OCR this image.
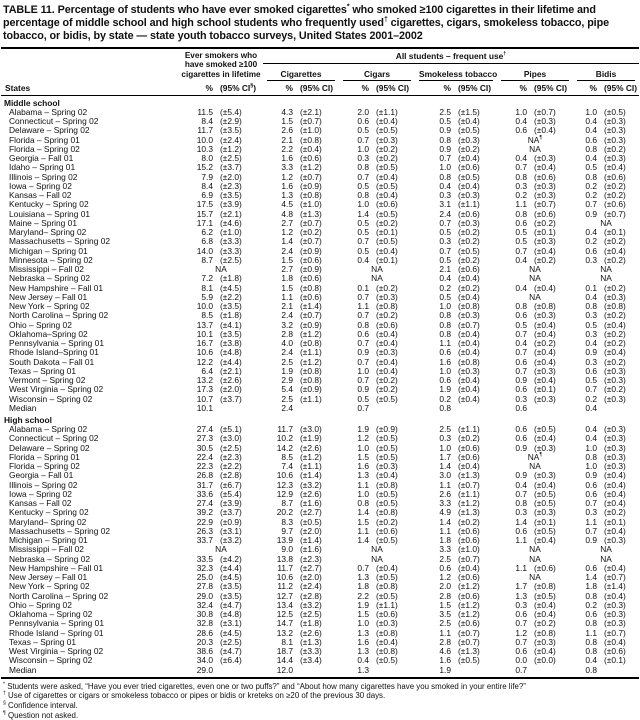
TABLE 11. Percentage of students who have ever smoked cigarettes* who smoked ≥100 cigarettes in their lifetime and percentage of middle school and high school students who frequently used† cigarettes, cigars, smokeless tobacco, pipe tobacco, or bidis, by state — state youth tobacco surveys, United States 2001–2002

	Ever smokers who
have smoked ≥100
cigarettes in lifetime		All students – frequent use†

			Cigarettes		Cigars		Smokeless tobacco		Pipes		Bidis	

States	%	(95% CI§)	%	(95% CI)	%	(95% CI)	%	(95% CI)	%	(95% CI)	%	(95% CI)
Middle school												
Alabama – Spring 02	11.5	(±5.4)	4.3	(±2.1)	2.0	(±1.1)	2.5	(±1.5)	1.0	(±0.7)	1.0	(±0.5)
Connecticut – Spring 02	8.4	(±2.9)	1.5	(±0.7)	0.6	(±0.4)	0.5	(±0.4)	0.4	(±0.3)	0.4	(±0.3)
Delaware – Spring 02	11.7	(±3.5)	2.6	(±1.0)	0.5	(±0.5)	0.9	(±0.5)	0.6	(±0.4)	0.4	(±0.3)
Florida – Spring 01	10.0	(±2.4)	2.1	(±0.8)	0.7	(±0.3)	0.8	(±0.3)	NA¶		0.6	(±0.3)
Florida – Spring 02	10.3	(±1.2)	2.2	(±0.4)	1.0	(±0.2)	0.9	(±0.2)	NA		0.8	(±0.2)
Georgia – Fall 01	8.0	(±2.5)	1.6	(±0.6)	0.3	(±0.2)	0.7	(±0.4)	0.4	(±0.3)	0.4	(±0.3)
Idaho – Spring 01	15.2	(±3.7)	3.3	(±1.2)	0.8	(±0.5)	1.0	(±0.6)	0.7	(±0.4)	0.5	(±0.4)
Illinois – Spring 02	7.9	(±2.0)	1.2	(±0.7)	0.7	(±0.4)	0.8	(±0.5)	0.8	(±0.6)	0.8	(±0.6)
Iowa – Spring 02	8.4	(±2.3)	1.6	(±0.9)	0.5	(±0.5)	0.4	(±0.4)	0.3	(±0.3)	0.2	(±0.2)
Kansas – Fall 02	6.9	(±3.5)	1.3	(±0.8)	0.8	(±0.4)	0.3	(±0.3)	0.2	(±0.3)	0.2	(±0.2)
Kentucky – Spring 02	17.5	(±3.9)	4.5	(±1.0)	1.0	(±0.6)	3.1	(±1.1)	1.1	(±0.7)	0.7	(±0.6)
Louisiana – Spring 01	15.7	(±2.1)	4.8	(±1.3)	1.4	(±0.5)	2.4	(±0.6)	0.8	(±0.6)	0.9	(±0.7)
Maine – Spring 01	17.1	(±4.6)	2.7	(±0.7)	0.5	(±0.2)	0.7	(±0.3)	0.6	(±0.2)	NA	
Maryland– Spring 02	6.2	(±1.0)	1.2	(±0.2)	0.5	(±0.1)	0.5	(±0.2)	0.5	(±0.1)	0.4	(±0.1)
Massachusetts – Spring 02	6.8	(±3.3)	1.4	(±0.7)	0.7	(±0.5)	0.3	(±0.2)	0.5	(±0.3)	0.2	(±0.2)
Michigan – Spring 01	14.0	(±3.3)	2.4	(±0.9)	0.5	(±0.4)	0.7	(±0.5)	0.7	(±0.4)	0.6	(±0.4)
Minnesota – Spring 02	8.7	(±2.5)	1.5	(±0.6)	0.4	(±0.1)	0.5	(±0.2)	0.4	(±0.2)	0.3	(±0.2)
Mississippi – Fall 02	NA		2.7	(±0.9)	NA		2.1	(±0.6)	NA		NA	
Nebraska – Spring 02	7.2	(±1.8)	1.8	(±0.6)	NA		0.4	(±0.4)	NA		NA	
New Hampshire – Fall 01	8.1	(±4.5)	1.5	(±0.8)	0.1	(±0.2)	0.2	(±0.2)	0.4	(±0.4)	0.1	(±0.2)
New Jersey – Fall 01	5.9	(±2.2)	1.1	(±0.6)	0.7	(±0.3)	0.5	(±0.4)	NA		0.4	(±0.3)
New York – Spring 02	10.0	(±3.5)	2.1	(±1.4)	1.1	(±0.8)	1.0	(±0.8)	0.8	(±0.8)	0.8	(±0.8)
North Carolina – Spring 02	8.5	(±1.8)	2.4	(±0.7)	0.7	(±0.2)	0.8	(±0.3)	0.6	(±0.3)	0.3	(±0.2)
Ohio – Spring 02	13.7	(±4.1)	3.2	(±0.9)	0.8	(±0.6)	0.8	(±0.7)	0.5	(±0.4)	0.5	(±0.4)
Oklahoma–Spring 02	10.1	(±3.5)	2.8	(±1.2)	0.6	(±0.4)	0.8	(±0.4)	0.7	(±0.4)	0.3	(±0.2)
Pennsylvania – Spring 01	16.7	(±3.8)	4.0	(±0.8)	0.7	(±0.4)	1.1	(±0.4)	0.4	(±0.2)	0.4	(±0.2)
Rhode Island–Spring 01	10.6	(±4.8)	2.4	(±1.1)	0.9	(±0.3)	0.6	(±0.4)	0.7	(±0.4)	0.9	(±0.4)
South Dakota – Fall 01	12.2	(±4.4)	2.5	(±1.2)	0.7	(±0.4)	1.6	(±0.8)	0.6	(±0.4)	0.3	(±0.2)
Texas – Spring 01	6.4	(±2.1)	1.9	(±0.8)	1.0	(±0.4)	1.0	(±0.3)	0.7	(±0.3)	0.6	(±0.3)
Vermont – Spring 02	13.2	(±2.6)	2.9	(±0.8)	0.7	(±0.2)	0.6	(±0.4)	0.9	(±0.4)	0.5	(±0.3)
West Virginia – Spring 02	17.3	(±2.0)	5.4	(±0.9)	0.9	(±0.2)	1.9	(±0.4)	0.6	(±0.1)	0.7	(±0.2)
Wisconsin – Spring 02	10.7	(±3.7)	2.5	(±1.1)	0.5	(±0.5)	0.2	(±0.4)	0.3	(±0.3)	0.2	(±0.3)
Median	10.1		2.4		0.7		0.8		0.6		0.4	
High school												
Alabama – Spring 02	27.4	(±5.1)	11.7	(±3.0)	1.9	(±0.9)	2.5	(±1.1)	0.6	(±0.5)	0.4	(±0.3)
Connecticut – Spring 02	27.3	(±3.0)	10.2	(±1.9)	1.2	(±0.5)	0.3	(±0.2)	0.6	(±0.4)	0.4	(±0.3)
Delaware – Spring 02	30.5	(±2.5)	14.2	(±2.6)	1.0	(±0.5)	1.0	(±0.6)	0.9	(±0.3)	1.0	(±0.3)
Florida – Spring 01	22.4	(±2.3)	8.5	(±1.2)	1.5	(±0.5)	1.7	(±0.6)	NA¶		0.8	(±0.3)
Florida – Spring 02	22.3	(±2.2)	7.4	(±1.1)	1.6	(±0.3)	1.4	(±0.4)	NA		1.0	(±0.3)
Georgia – Fall 01	26.8	(±2.8)	10.6	(±1.4)	1.3	(±0.4)	3.0	(±1.3)	0.9	(±0.3)	0.9	(±0.4)
Illinois – Spring 02	31.7	(±6.7)	12.3	(±3.2)	1.1	(±0.8)	1.1	(±0.7)	0.4	(±0.4)	0.6	(±0.4)
Iowa – Spring 02	33.6	(±5.4)	12.9	(±2.6)	1.0	(±0.5)	2.6	(±1.1)	0.7	(±0.5)	0.6	(±0.4)
Kansas – Fall 02	27.4	(±3.9)	8.7	(±1.6)	0.8	(±0.5)	3.3	(±1.2)	0.8	(±0.5)	0.7	(±0.4)
Kentucky – Spring 02	39.2	(±3.7)	20.2	(±2.7)	1.4	(±0.8)	4.9	(±1.3)	0.3	(±0.3)	0.3	(±0.2)
Maryland– Spring 02	22.9	(±0.9)	8.3	(±0.5)	1.5	(±0.2)	1.4	(±0.2)	1.4	(±0.1)	1.1	(±0.1)
Massachusetts – Spring 02	26.3	(±3.1)	9.7	(±2.0)	1.1	(±0.6)	1.1	(±0.6)	0.6	(±0.5)	0.7	(±0.4)
Michigan – Spring 01	33.7	(±3.2)	13.9	(±1.4)	1.4	(±0.5)	1.8	(±0.6)	1.1	(±0.4)	0.9	(±0.3)
Mississippi – Fall 02	NA		9.0	(±1.6)	NA		3.3	(±1.0)	NA		NA	
Nebraska – Spring 02	33.5	(±4.2)	13.8	(±2.3)	NA		2.5	(±0.7)	NA		NA	
New Hampshire – Fall 01	32.3	(±4.4)	11.7	(±2.7)	0.7	(±0.4)	0.6	(±0.4)	1.1	(±0.6)	0.6	(±0.4)
New Jersey – Fall 01	25.0	(±4.5)	10.6	(±2.0)	1.3	(±0.5)	1.2	(±0.6)	NA		1.4	(±0.7)
New York – Spring 02	27.8	(±3.5)	11.2	(±2.4)	1.8	(±0.8)	2.0	(±1.2)	1.7	(±0.8)	1.8	(±1.4)
North Carolina – Spring 02	29.0	(±3.5)	12.7	(±2.8)	2.2	(±0.5)	2.8	(±0.6)	1.3	(±0.5)	0.8	(±0.4)
Ohio – Spring 02	32.4	(±4.7)	13.4	(±3.2)	1.9	(±1.1)	1.5	(±1.2)	0.3	(±0.4)	0.2	(±0.3)
Oklahoma – Spring 02	30.8	(±4.8)	12.5	(±2.5)	1.5	(±0.6)	3.5	(±1.2)	0.6	(±0.4)	0.6	(±0.3)
Pennsylvania – Spring 01	32.8	(±3.1)	14.7	(±1.8)	1.0	(±0.3)	2.5	(±0.6)	0.7	(±0.2)	0.8	(±0.3)
Rhode Island – Spring 01	28.6	(±4.5)	13.2	(±2.6)	1.3	(±0.8)	1.1	(±0.7)	1.2	(±0.8)	1.1	(±0.7)
Texas – Spring 01	20.3	(±2.5)	8.1	(±1.3)	1.6	(±0.4)	2.8	(±0.7)	0.7	(±0.3)	0.8	(±0.4)
West Virginia – Spring 02	38.6	(±4.7)	18.7	(±3.3)	1.3	(±0.8)	4.6	(±1.3)	0.6	(±0.4)	0.8	(±0.6)
Wisconsin – Spring 02	34.0	(±6.4)	14.4	(±3.4)	0.4	(±0.5)	1.6	(±0.5)	0.0	(±0.0)	0.4	(±0.1)
Median	29.0		12.0		1.3		1.9		0.7		0.8	
* Students were asked, “Have you ever tried cigarettes, even one or two puffs?” and “About how many cigarettes have you smoked in your entire life?”
† Use of cigarettes or cigars or smokeless tobacco or pipes or bidis or kreteks on ≥20 of the previous 30 days.
§ Confidence interval.
¶ Question not asked.
